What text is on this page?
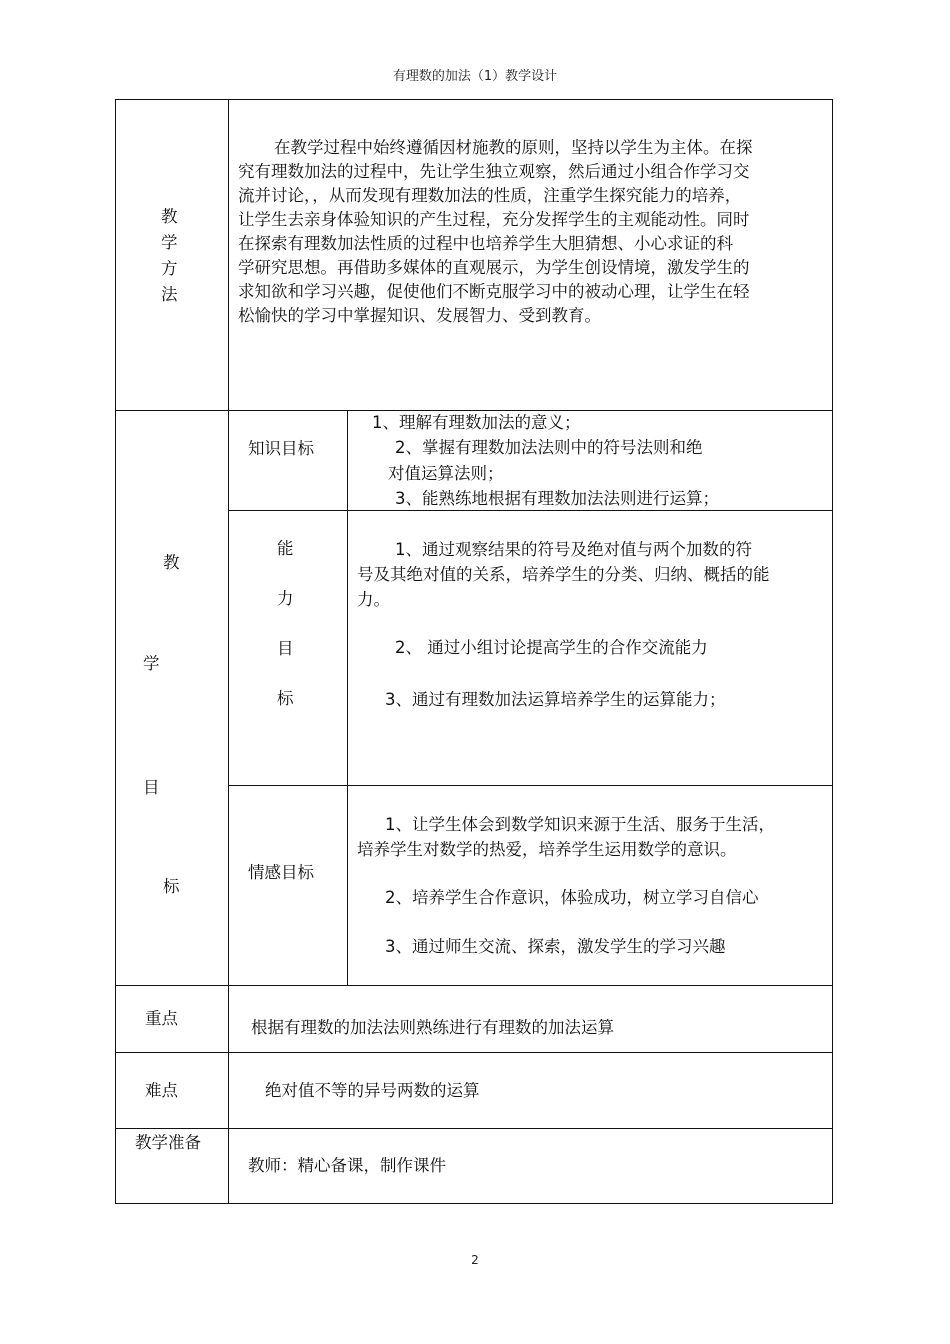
有理数的加法（1）教学设计
教
学
方
法
在教学过程中始终遵循因材施教的原则，坚持以学生为主体。在探
究有理数加法的过程中，先让学生独立观察，然后通过小组合作学习交
流并讨论，，从而发现有理数加法的性质，注重学生探究能力的培养，
让学生去亲身体验知识的产生过程，充分发挥学生的主观能动性。同时
在探索有理数加法性质的过程中也培养学生大胆猜想、小心求证的科
学研究思想。再借助多媒体的直观展示，为学生创设情境，激发学生的
求知欲和学习兴趣，促使他们不断克服学习中的被动心理，让学生在轻
松愉快的学习中掌握知识、发展智力、受到教育。
教
学
目
标
知识目标
1、理解有理数加法的意义；
2、掌握有理数加法法则中的符号法则和绝
对值运算法则；
3、能熟练地根据有理数加法法则进行运算；
能
力
目
标
1、通过观察结果的符号及绝对值与两个加数的符
号及其绝对值的关系，培养学生的分类、归纳、概括的能
力。
2、 通过小组讨论提高学生的合作交流能力
3、通过有理数加法运算培养学生的运算能力；
情感目标
1、让学生体会到数学知识来源于生活、服务于生活，
培养学生对数学的热爱，培养学生运用数学的意识。
2、培养学生合作意识，体验成功，树立学习自信心
3、通过师生交流、探索，激发学生的学习兴趣
重点	根据有理数的加法法则熟练进行有理数的加法运算
难点	绝对值不等的异号两数的运算
教学准备
教师：精心备课，制作课件
2
